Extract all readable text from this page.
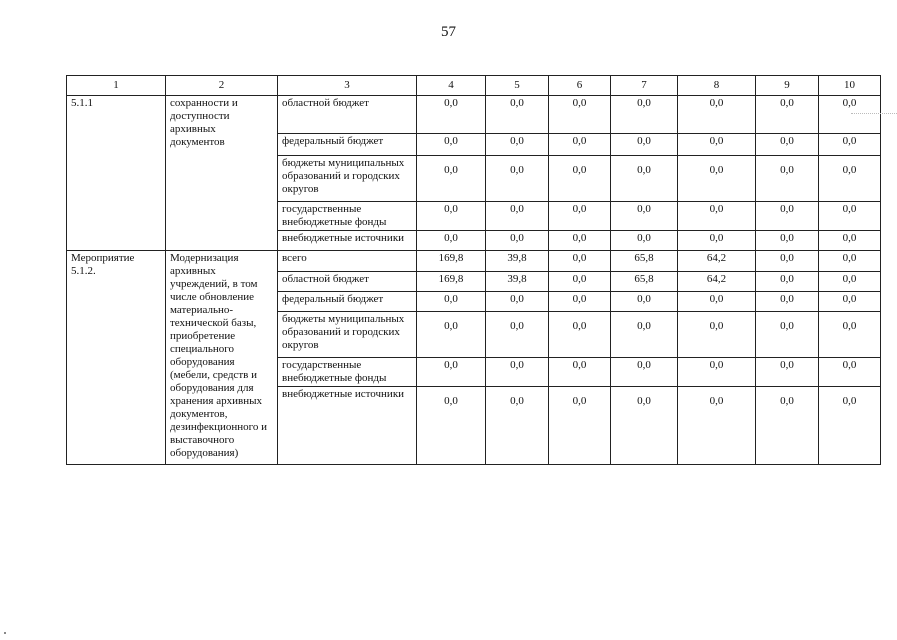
57
1	2	3	4	5	6	7	8	9	10
5.1.1	сохранности и доступности архивных документов	областной бюджет	0,0	0,0	0,0	0,0	0,0	0,0	0,0
		федеральный бюджет	0,0	0,0	0,0	0,0	0,0	0,0	0,0
		бюджеты муниципальных образований и городских округов	0,0	0,0	0,0	0,0	0,0	0,0	0,0
		государственные внебюджетные фонды	0,0	0,0	0,0	0,0	0,0	0,0	0,0
		внебюджетные источники	0,0	0,0	0,0	0,0	0,0	0,0	0,0
Мероприятие 5.1.2.	Модернизация архивных учреждений, в том числе обновление материально-технической базы, приобретение специального оборудования (мебели, средств и оборудования для хранения архивных документов, дезинфекционного и выставочного оборудования)	всего	169,8	39,8	0,0	65,8	64,2	0,0	0,0
		областной бюджет	169,8	39,8	0,0	65,8	64,2	0,0	0,0
		федеральный бюджет	0,0	0,0	0,0	0,0	0,0	0,0	0,0
		бюджеты муниципальных образований и городских округов	0,0	0,0	0,0	0,0	0,0	0,0	0,0
		государственные внебюджетные фонды	0,0	0,0	0,0	0,0	0,0	0,0	0,0
		внебюджетные источники	0,0	0,0	0,0	0,0	0,0	0,0	0,0
